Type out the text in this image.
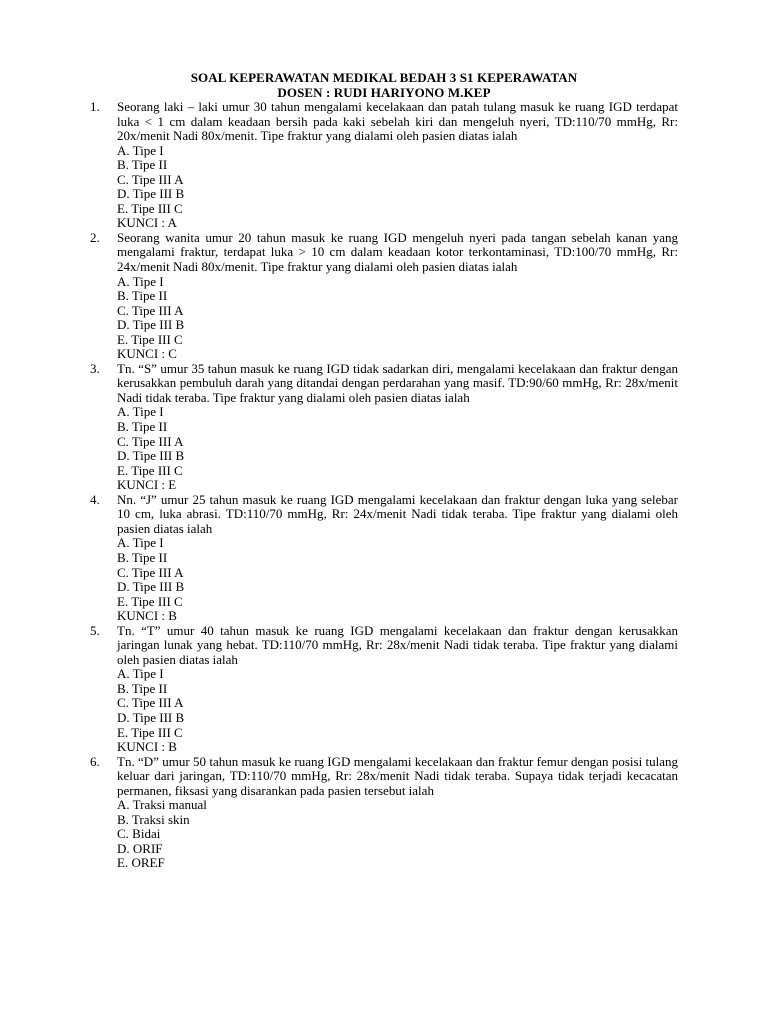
SOAL KEPERAWATAN MEDIKAL BEDAH 3 S1 KEPERAWATAN
DOSEN : RUDI HARIYONO M.KEP
1.	Seorang laki – laki umur 30 tahun mengalami kecelakaan dan patah tulang masuk ke ruang IGD terdapat luka < 1 cm dalam keadaan bersih pada kaki sebelah kiri dan mengeluh nyeri, TD:110/70 mmHg, Rr: 20x/menit Nadi 80x/menit. Tipe fraktur yang dialami oleh pasien diatas ialah

A. Tipe I
B. Tipe II
C. Tipe III A
D. Tipe III B
E. Tipe III C
KUNCI : A
2.	Seorang wanita umur 20 tahun masuk ke ruang IGD mengeluh nyeri pada tangan sebelah kanan yang mengalami fraktur, terdapat luka > 10 cm dalam keadaan kotor terkontaminasi, TD:100/70 mmHg, Rr: 24x/menit Nadi 80x/menit. Tipe fraktur yang dialami oleh pasien diatas ialah

A. Tipe I
B. Tipe II
C. Tipe III A
D. Tipe III B
E. Tipe III C
KUNCI : C
3.	Tn. “S” umur 35 tahun masuk ke ruang IGD tidak sadarkan diri, mengalami kecelakaan dan fraktur dengan kerusakkan pembuluh darah yang ditandai dengan perdarahan yang masif. TD:90/60 mmHg, Rr: 28x/menit Nadi tidak teraba. Tipe fraktur yang dialami oleh pasien diatas ialah

A. Tipe I
B. Tipe II
C. Tipe III A
D. Tipe III B
E. Tipe III C
KUNCI : E
4.	Nn. “J” umur 25 tahun masuk ke ruang IGD mengalami kecelakaan dan fraktur dengan luka yang selebar 10 cm, luka abrasi. TD:110/70 mmHg, Rr: 24x/menit Nadi tidak teraba. Tipe fraktur yang dialami oleh pasien diatas ialah

A. Tipe I
B. Tipe II
C. Tipe III A
D. Tipe III B
E. Tipe III C
KUNCI : B
5.	Tn. “T” umur 40 tahun masuk ke ruang IGD mengalami kecelakaan dan fraktur dengan kerusakkan jaringan lunak yang hebat. TD:110/70 mmHg, Rr: 28x/menit Nadi tidak teraba. Tipe fraktur yang dialami oleh pasien diatas ialah

A. Tipe I
B. Tipe II
C. Tipe III A
D. Tipe III B
E. Tipe III C
KUNCI : B
6.	Tn. “D” umur 50 tahun masuk ke ruang IGD mengalami kecelakaan dan fraktur femur dengan posisi tulang keluar dari jaringan, TD:110/70 mmHg, Rr: 28x/menit Nadi tidak teraba. Supaya tidak terjadi kecacatan permanen, fiksasi yang disarankan pada pasien tersebut ialah

A. Traksi manual
B. Traksi skin
C. Bidai
D. ORIF
E. OREF
